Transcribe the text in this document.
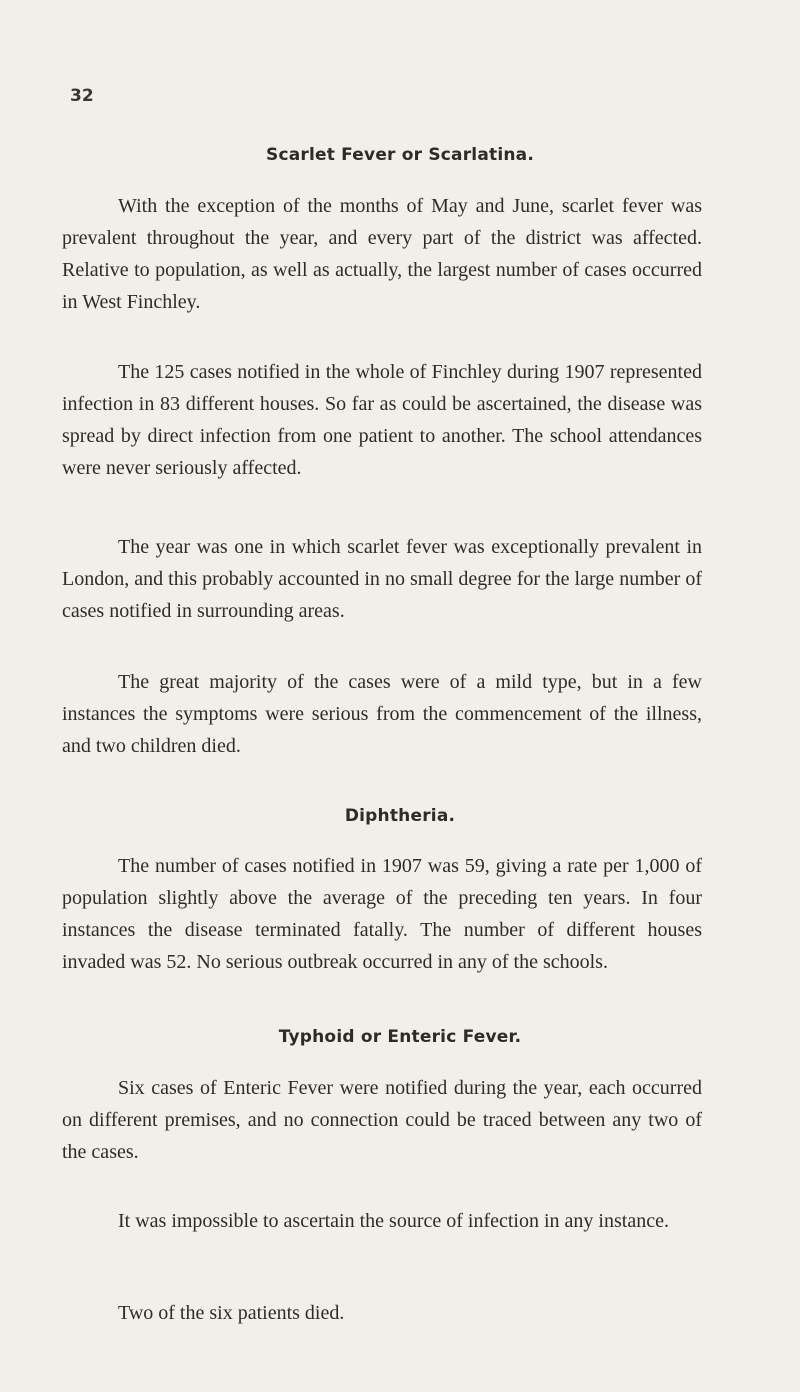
32
Scarlet Fever or Scarlatina.

With the exception of the months of May and June, scarlet fever was prevalent throughout the year, and every part of the district was affected. Relative to population, as well as actually, the largest number of cases occurred in West Finchley.

The 125 cases notified in the whole of Finchley during 1907 represented infection in 83 different houses. So far as could be ascertained, the disease was spread by direct infection from one patient to another. The school attendances were never seriously affected.

The year was one in which scarlet fever was exceptionally prevalent in London, and this probably accounted in no small degree for the large number of cases notified in surrounding areas.

The great majority of the cases were of a mild type, but in a few instances the symptoms were serious from the commencement of the illness, and two children died.

Diphtheria.

The number of cases notified in 1907 was 59, giving a rate per 1,000 of population slightly above the average of the preceding ten years. In four instances the disease terminated fatally. The number of different houses invaded was 52. No serious outbreak occurred in any of the schools.

Typhoid or Enteric Fever.

Six cases of Enteric Fever were notified during the year, each occurred on different premises, and no connection could be traced between any two of the cases.

It was impossible to ascertain the source of infection in any instance.

Two of the six patients died.
